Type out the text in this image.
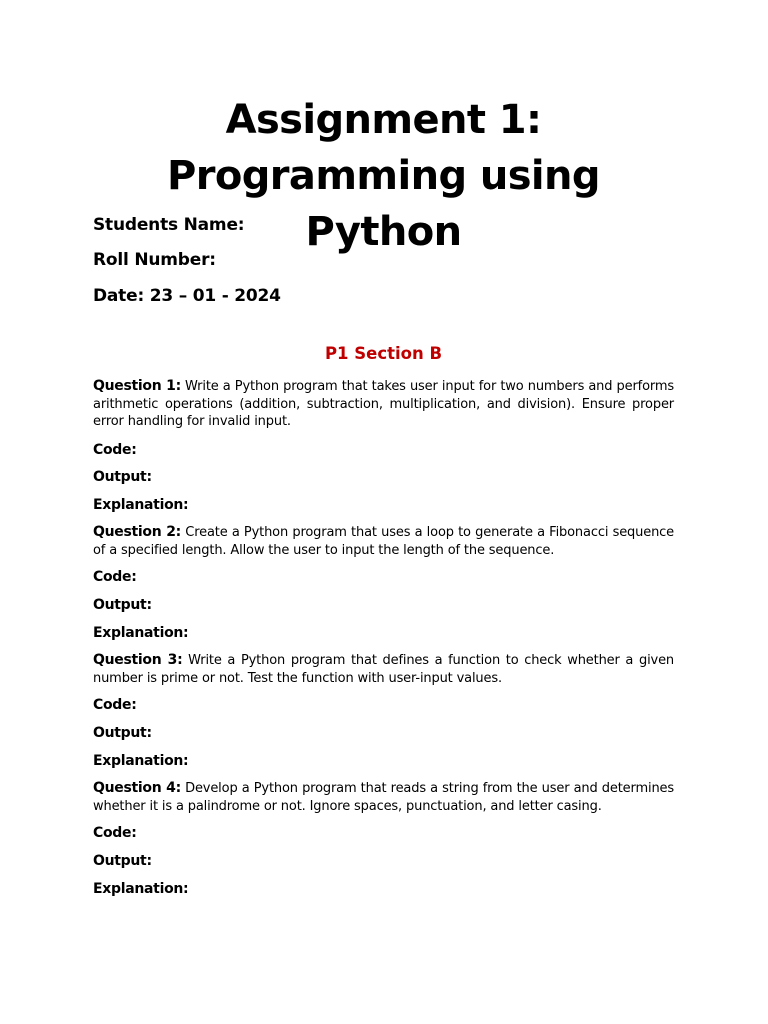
Assignment 1: Programming using Python
Students Name:
Roll Number:
Date: 23 – 01 - 2024
P1 Section B
Question 1: Write a Python program that takes user input for two numbers and performs arithmetic operations (addition, subtraction, multiplication, and division). Ensure proper error handling for invalid input.
Code:
Output:
Explanation:
Question 2: Create a Python program that uses a loop to generate a Fibonacci sequence of a specified length. Allow the user to input the length of the sequence.
Code:
Output:
Explanation:
Question 3: Write a Python program that defines a function to check whether a given number is prime or not. Test the function with user-input values.
Code:
Output:
Explanation:
Question 4: Develop a Python program that reads a string from the user and determines whether it is a palindrome or not. Ignore spaces, punctuation, and letter casing.
Code:
Output:
Explanation:
